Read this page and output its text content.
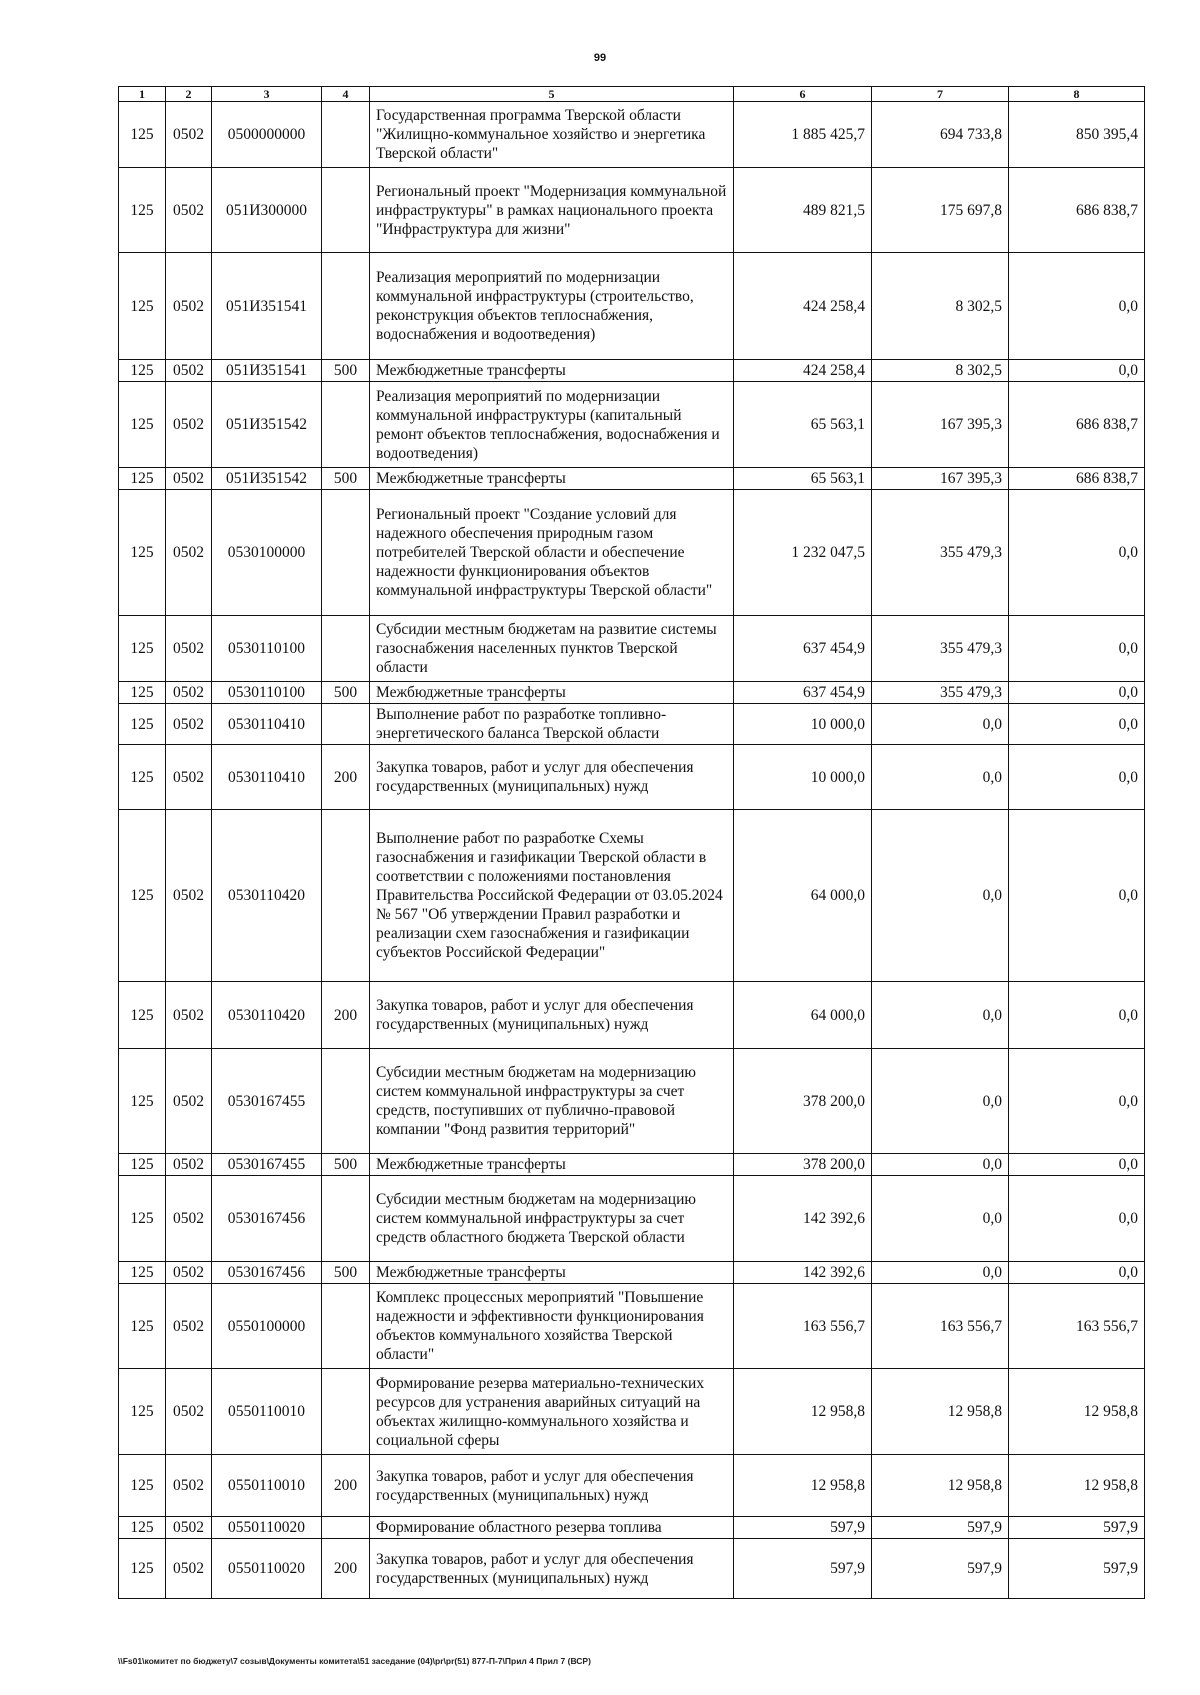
99
1	2	3	4	5	6	7	8
125	0502	0500000000		Государственная программа Тверской области "Жилищно-коммунальное хозяйство и энергетика Тверской области"	1 885 425,7	694 733,8	850 395,4
125	0502	051И300000		Региональный проект "Модернизация коммунальной инфраструктуры" в рамках национального проекта "Инфраструктура для жизни"	489 821,5	175 697,8	686 838,7
125	0502	051И351541		Реализация мероприятий по модернизации коммунальной инфраструктуры (строительство, реконструкция объектов теплоснабжения, водоснабжения и водоотведения)	424 258,4	8 302,5	0,0
125	0502	051И351541	500	Межбюджетные трансферты	424 258,4	8 302,5	0,0
125	0502	051И351542		Реализация мероприятий по модернизации коммунальной инфраструктуры (капитальный ремонт объектов теплоснабжения, водоснабжения и водоотведения)	65 563,1	167 395,3	686 838,7
125	0502	051И351542	500	Межбюджетные трансферты	65 563,1	167 395,3	686 838,7
125	0502	0530100000		Региональный проект "Создание условий для надежного обеспечения природным газом потребителей Тверской области и обеспечение надежности функционирования объектов коммунальной инфраструктуры Тверской области"	1 232 047,5	355 479,3	0,0
125	0502	0530110100		Субсидии местным бюджетам на развитие системы газоснабжения населенных пунктов Тверской области	637 454,9	355 479,3	0,0
125	0502	0530110100	500	Межбюджетные трансферты	637 454,9	355 479,3	0,0
125	0502	0530110410		Выполнение работ по разработке топливно-энергетического баланса Тверской области	10 000,0	0,0	0,0
125	0502	0530110410	200	Закупка товаров, работ и услуг для обеспечения государственных (муниципальных) нужд	10 000,0	0,0	0,0
125	0502	0530110420		Выполнение работ по разработке Схемы газоснабжения и газификации Тверской области в соответствии с положениями постановления Правительства Российской Федерации от 03.05.2024 № 567 "Об утверждении Правил разработки и реализации схем газоснабжения и газификации субъектов Российской Федерации"	64 000,0	0,0	0,0
125	0502	0530110420	200	Закупка товаров, работ и услуг для обеспечения государственных (муниципальных) нужд	64 000,0	0,0	0,0
125	0502	0530167455		Субсидии местным бюджетам на модернизацию систем коммунальной инфраструктуры за счет средств, поступивших от публично-правовой компании "Фонд развития территорий"	378 200,0	0,0	0,0
125	0502	0530167455	500	Межбюджетные трансферты	378 200,0	0,0	0,0
125	0502	0530167456		Субсидии местным бюджетам на модернизацию систем коммунальной инфраструктуры за счет средств областного бюджета Тверской области	142 392,6	0,0	0,0
125	0502	0530167456	500	Межбюджетные трансферты	142 392,6	0,0	0,0
125	0502	0550100000		Комплекс процессных мероприятий "Повышение надежности и эффективности функционирования объектов коммунального хозяйства Тверской области"	163 556,7	163 556,7	163 556,7
125	0502	0550110010		Формирование резерва материально-технических ресурсов для устранения аварийных ситуаций на объектах жилищно-коммунального хозяйства и социальной сферы	12 958,8	12 958,8	12 958,8
125	0502	0550110010	200	Закупка товаров, работ и услуг для обеспечения государственных (муниципальных) нужд	12 958,8	12 958,8	12 958,8
125	0502	0550110020		Формирование областного резерва топлива	597,9	597,9	597,9
125	0502	0550110020	200	Закупка товаров, работ и услуг для обеспечения государственных (муниципальных) нужд	597,9	597,9	597,9
\\Fs01\комитет по бюджету\7 созыв\Документы комитета\51 заседание (04)\pr\pr(51) 877-П-7\Прил 4 Прил 7 (ВСР)
